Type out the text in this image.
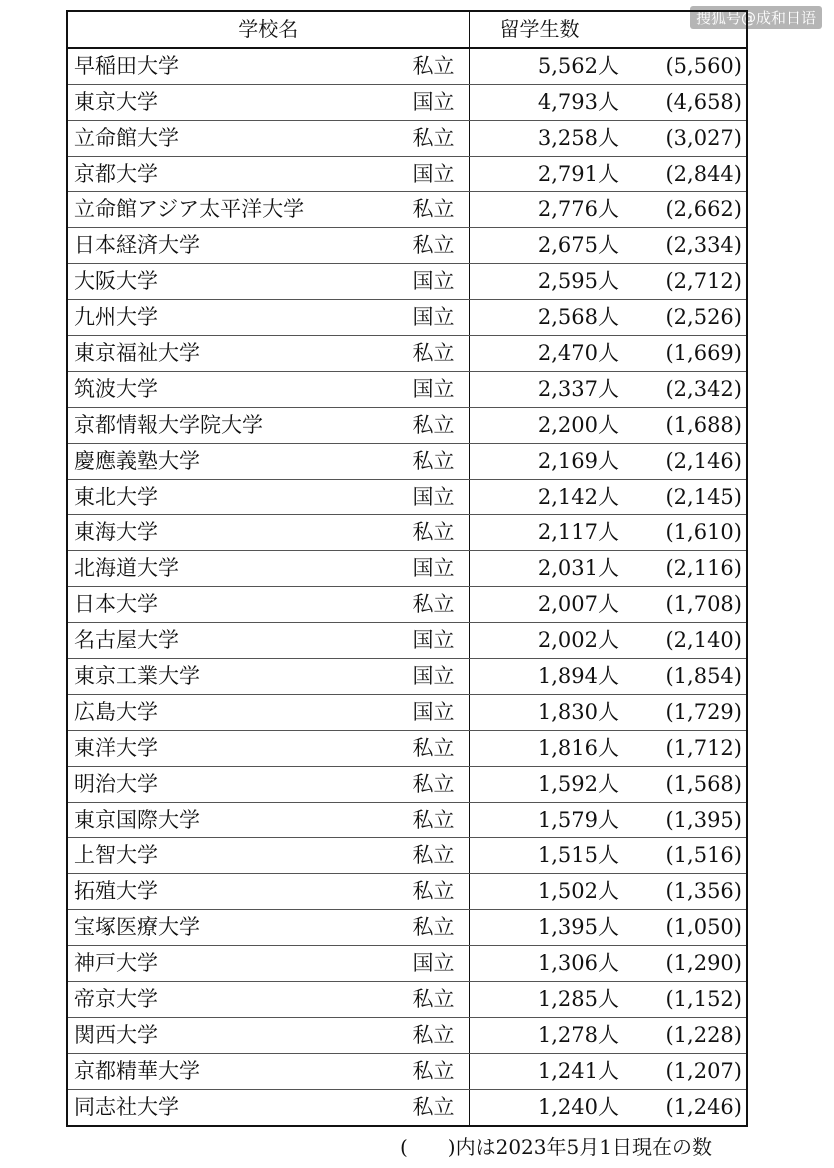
搜狐号@成和日语
学校名		留学生数	
早稲田大学	私立	5,562人	(5,560)
東京大学	国立	4,793人	(4,658)
立命館大学	私立	3,258人	(3,027)
京都大学	国立	2,791人	(2,844)
立命館アジア太平洋大学	私立	2,776人	(2,662)
日本経済大学	私立	2,675人	(2,334)
大阪大学	国立	2,595人	(2,712)
九州大学	国立	2,568人	(2,526)
東京福祉大学	私立	2,470人	(1,669)
筑波大学	国立	2,337人	(2,342)
京都情報大学院大学	私立	2,200人	(1,688)
慶應義塾大学	私立	2,169人	(2,146)
東北大学	国立	2,142人	(2,145)
東海大学	私立	2,117人	(1,610)
北海道大学	国立	2,031人	(2,116)
日本大学	私立	2,007人	(1,708)
名古屋大学	国立	2,002人	(2,140)
東京工業大学	国立	1,894人	(1,854)
広島大学	国立	1,830人	(1,729)
東洋大学	私立	1,816人	(1,712)
明治大学	私立	1,592人	(1,568)
東京国際大学	私立	1,579人	(1,395)
上智大学	私立	1,515人	(1,516)
拓殖大学	私立	1,502人	(1,356)
宝塚医療大学	私立	1,395人	(1,050)
神戸大学	国立	1,306人	(1,290)
帝京大学	私立	1,285人	(1,152)
関西大学	私立	1,278人	(1,228)
京都精華大学	私立	1,241人	(1,207)
同志社大学	私立	1,240人	(1,246)
(　　)内は2023年5月1日現在の数
